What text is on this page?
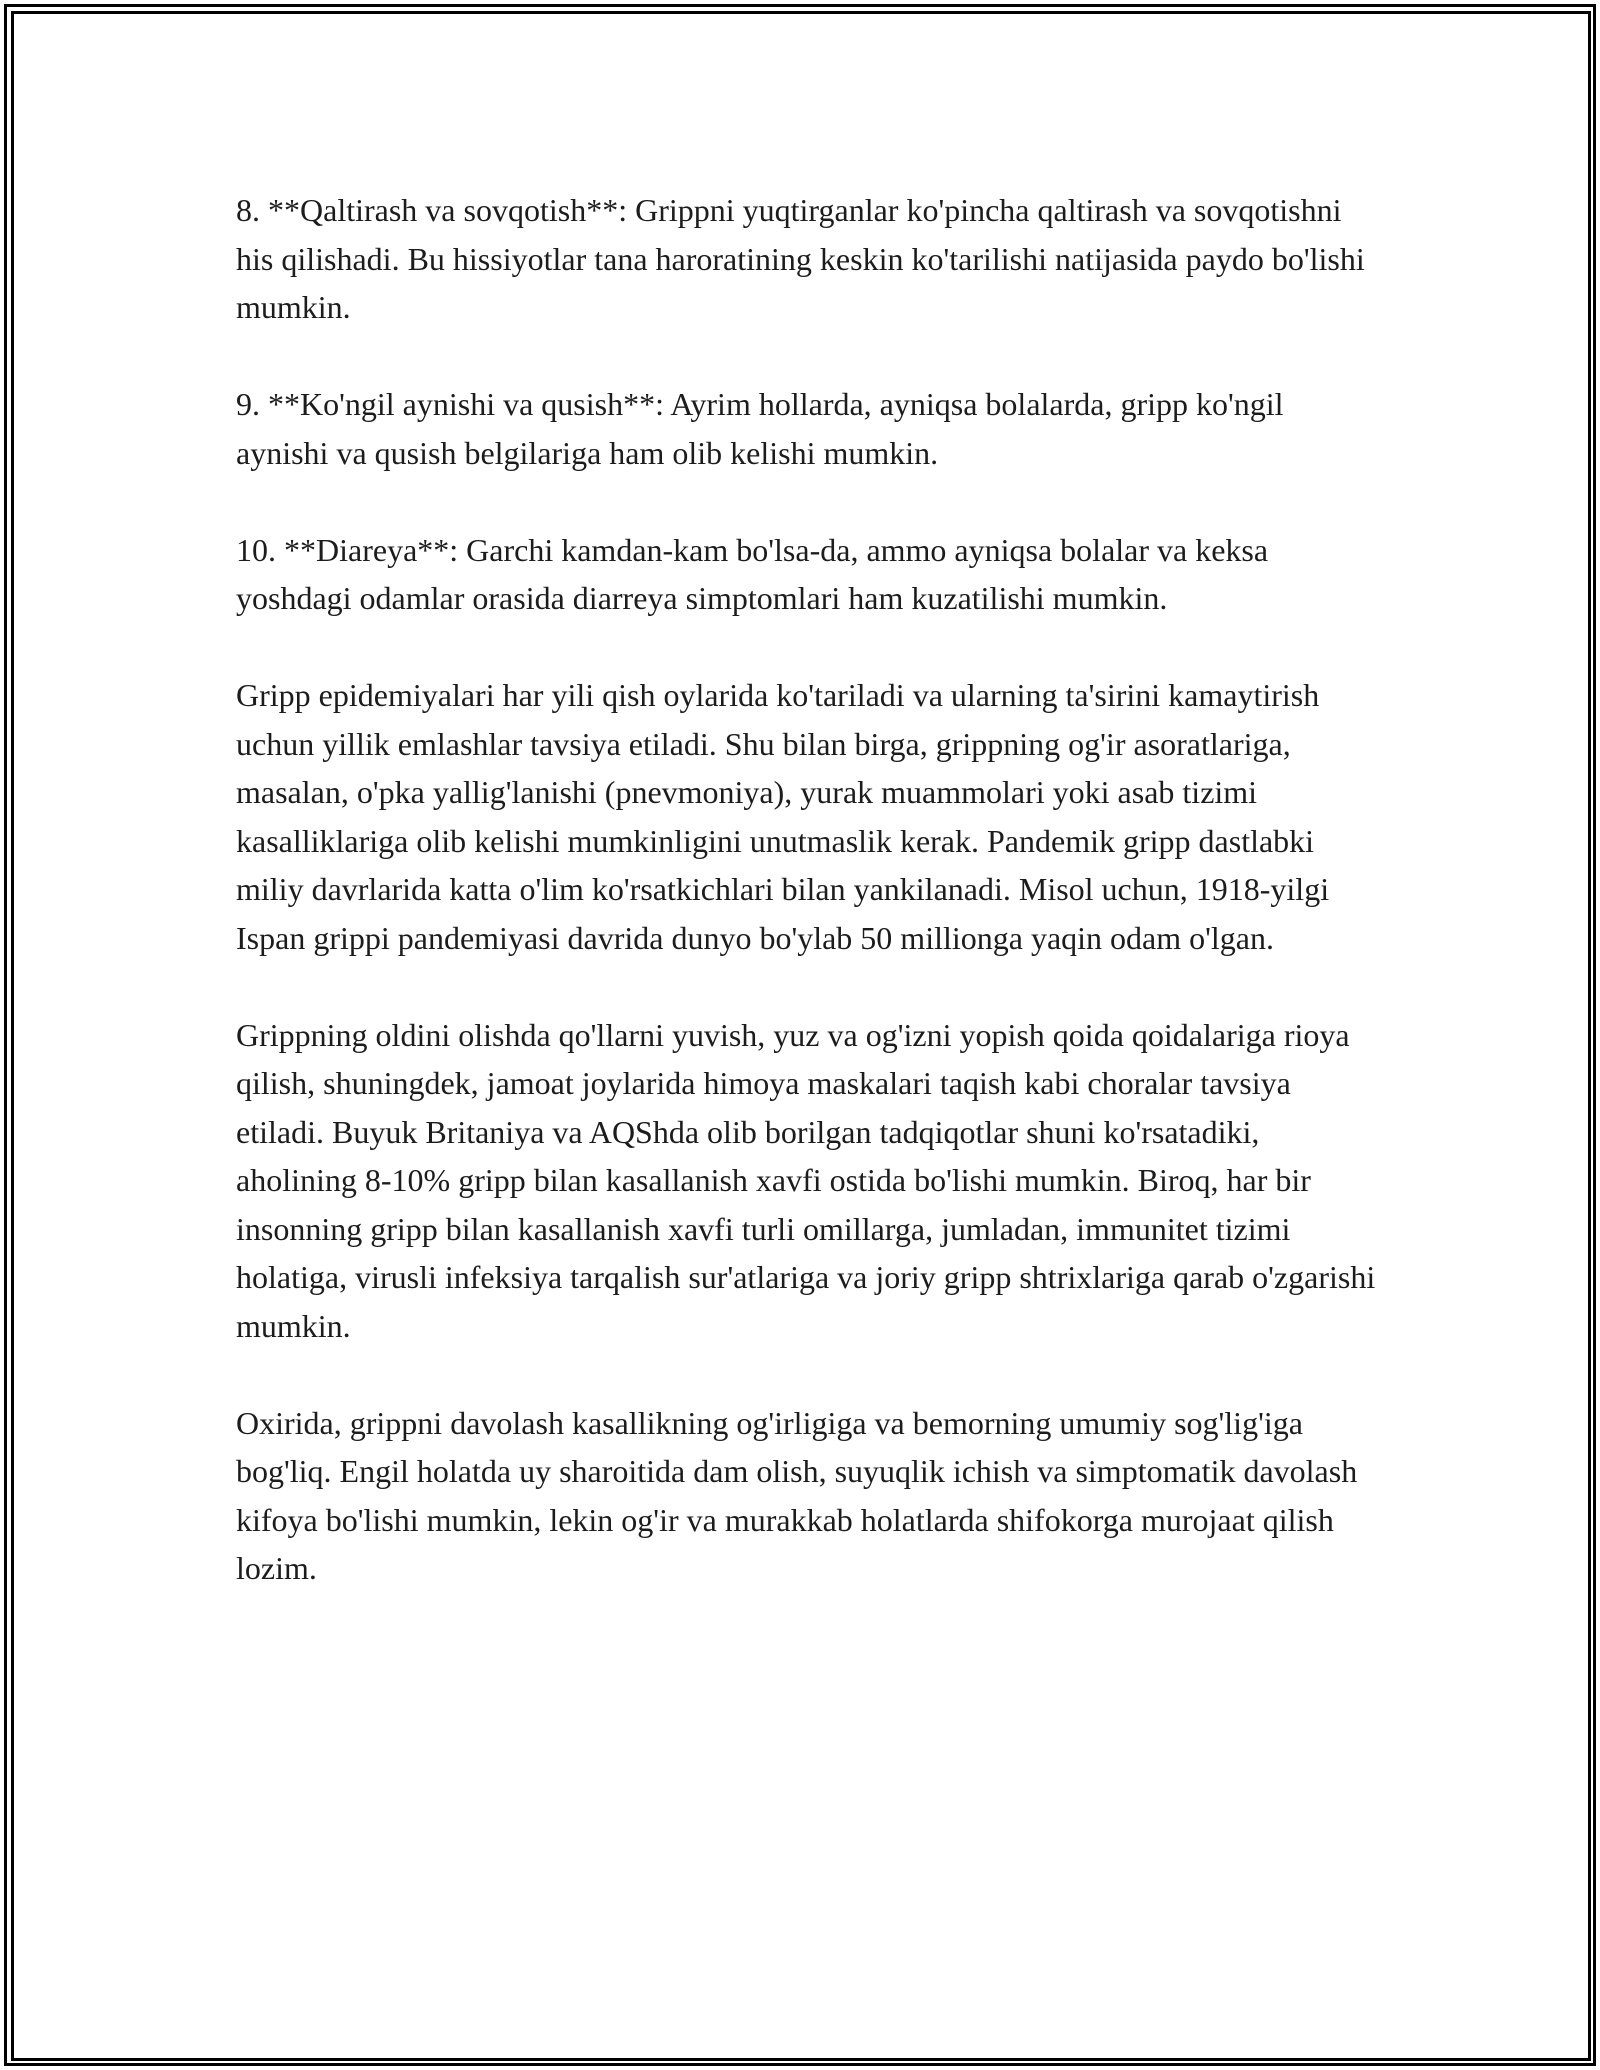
8. **Qaltirash va sovqotish**: Grippni yuqtirganlar ko'pincha qaltirash va sovqotishni his qilishadi. Bu hissiyotlar tana haroratining keskin ko'tarilishi natijasida paydo bo'lishi mumkin.

9. **Ko'ngil aynishi va qusish**: Ayrim hollarda, ayniqsa bolalarda, gripp ko'ngil aynishi va qusish belgilariga ham olib kelishi mumkin.

10. **Diareya**: Garchi kamdan-kam bo'lsa-da, ammo ayniqsa bolalar va keksa yoshdagi odamlar orasida diarreya simptomlari ham kuzatilishi mumkin.

Gripp epidemiyalari har yili qish oylarida ko'tariladi va ularning ta'sirini kamaytirish uchun yillik emlashlar tavsiya etiladi. Shu bilan birga, grippning og'ir asoratlariga, masalan, o'pka yallig'lanishi (pnevmoniya), yurak muammolari yoki asab tizimi kasalliklariga olib kelishi mumkinligini unutmaslik kerak. Pandemik gripp dastlabki miliy davrlarida katta o'lim ko'rsatkichlari bilan yankilanadi. Misol uchun, 1918-yilgi Ispan grippi pandemiyasi davrida dunyo bo'ylab 50 millionga yaqin odam o'lgan.

Grippning oldini olishda qo'llarni yuvish, yuz va og'izni yopish qoida qoidalariga rioya qilish, shuningdek, jamoat joylarida himoya maskalari taqish kabi choralar tavsiya etiladi. Buyuk Britaniya va AQShda olib borilgan tadqiqotlar shuni ko'rsatadiki, aholining 8-10% gripp bilan kasallanish xavfi ostida bo'lishi mumkin. Biroq, har bir insonning gripp bilan kasallanish xavfi turli omillarga, jumladan, immunitet tizimi holatiga, virusli infeksiya tarqalish sur'atlariga va joriy gripp shtrixlariga qarab o'zgarishi mumkin.

Oxirida, grippni davolash kasallikning og'irligiga va bemorning umumiy sog'lig'iga bog'liq. Engil holatda uy sharoitida dam olish, suyuqlik ichish va simptomatik davolash kifoya bo'lishi mumkin, lekin og'ir va murakkab holatlarda shifokorga murojaat qilish lozim.
